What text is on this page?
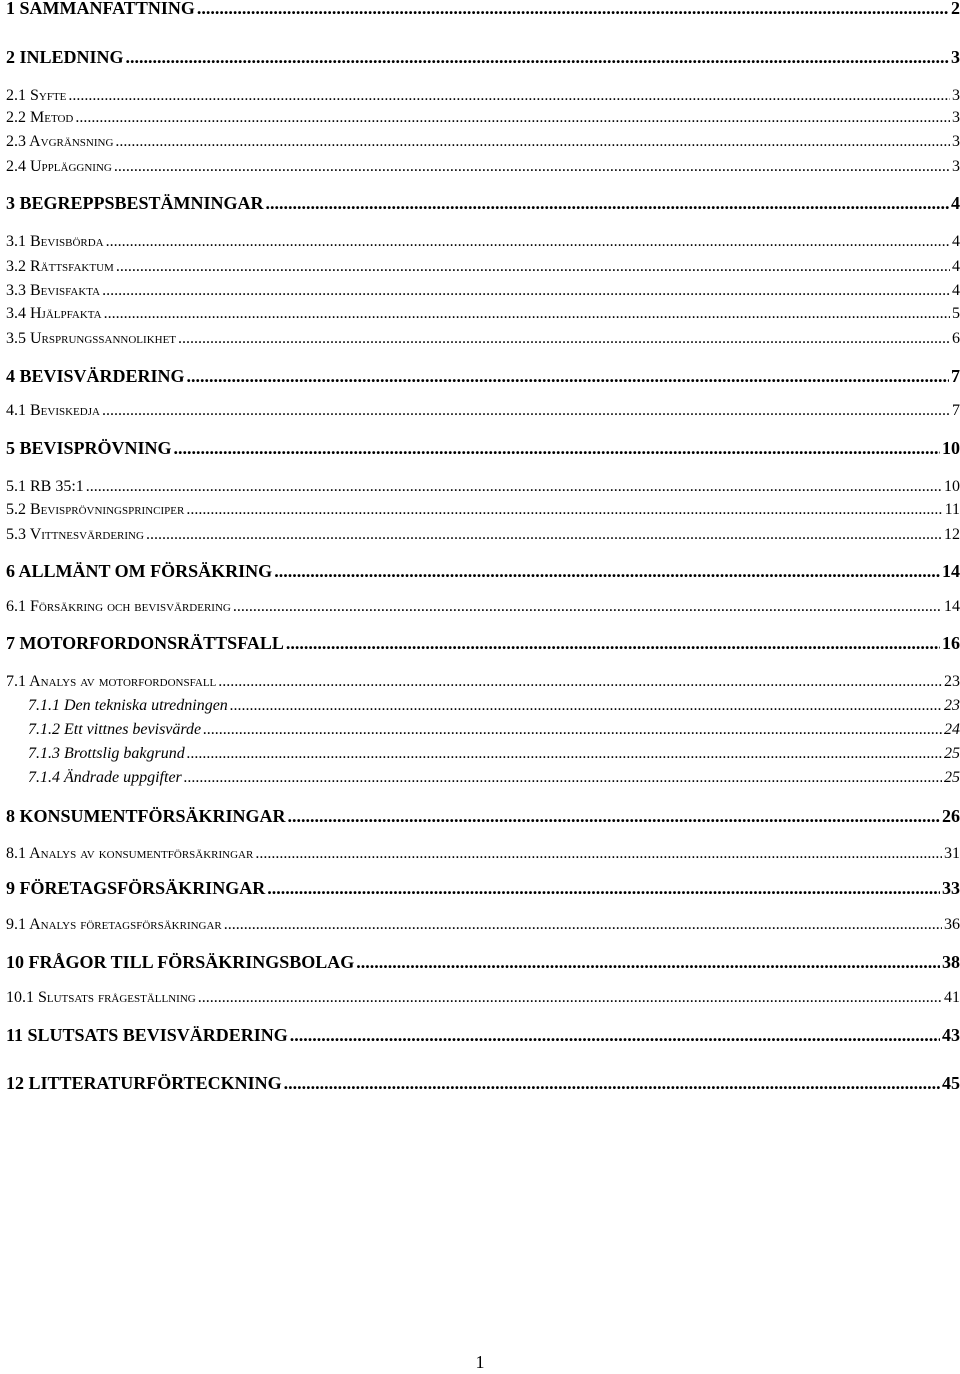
1 SAMMANFATTNING .....	2
2 INLEDNING .....	3
2.1 Syfte .....	3
2.2 Metod .....	3
2.3 Avgränsning .....	3
2.4 Uppläggning .....	3
3 BEGREPPSBESTÄMNINGAR .....	4
3.1 Bevisbörda .....	4
3.2 Rättsfaktum .....	4
3.3 Bevisfakta .....	4
3.4 Hjälpfakta .....	5
3.5 Ursprungssannolikhet .....	6
4 BEVISVÄRDERING .....	7
4.1 Beviskedja .....	7
5 BEVISPRÖVNING .....	10
5.1 RB 35:1 .....	10
5.2 Bevisprövningsprinciper .....	11
5.3 Vittnesvärdering .....	12
6 ALLMÄNT OM FÖRSÄKRING .....	14
6.1 Försäkring och bevisvärdering .....	14
7 MOTORFORDONSRÄTTSFALL .....	16
7.1 Analys av motorfordonsfall .....	23
7.1.1 Den tekniska utredningen .....	23
7.1.2 Ett vittnes bevisvärde .....	24
7.1.3 Brottslig bakgrund .....	25
7.1.4 Ändrade uppgifter .....	25
8 KONSUMENTFÖRSÄKRINGAR .....	26
8.1 Analys av konsumentförsäkringar .....	31
9 FÖRETAGSFÖRSÄKRINGAR .....	33
9.1 Analys företagsförsäkringar .....	36
10 FRÅGOR TILL FÖRSÄKRINGSBOLAG .....	38
10.1 Slutsats frågeställning .....	41
11 SLUTSATS BEVISVÄRDERING .....	43
12 LITTERATURFÖRTECKNING .....	45
1
